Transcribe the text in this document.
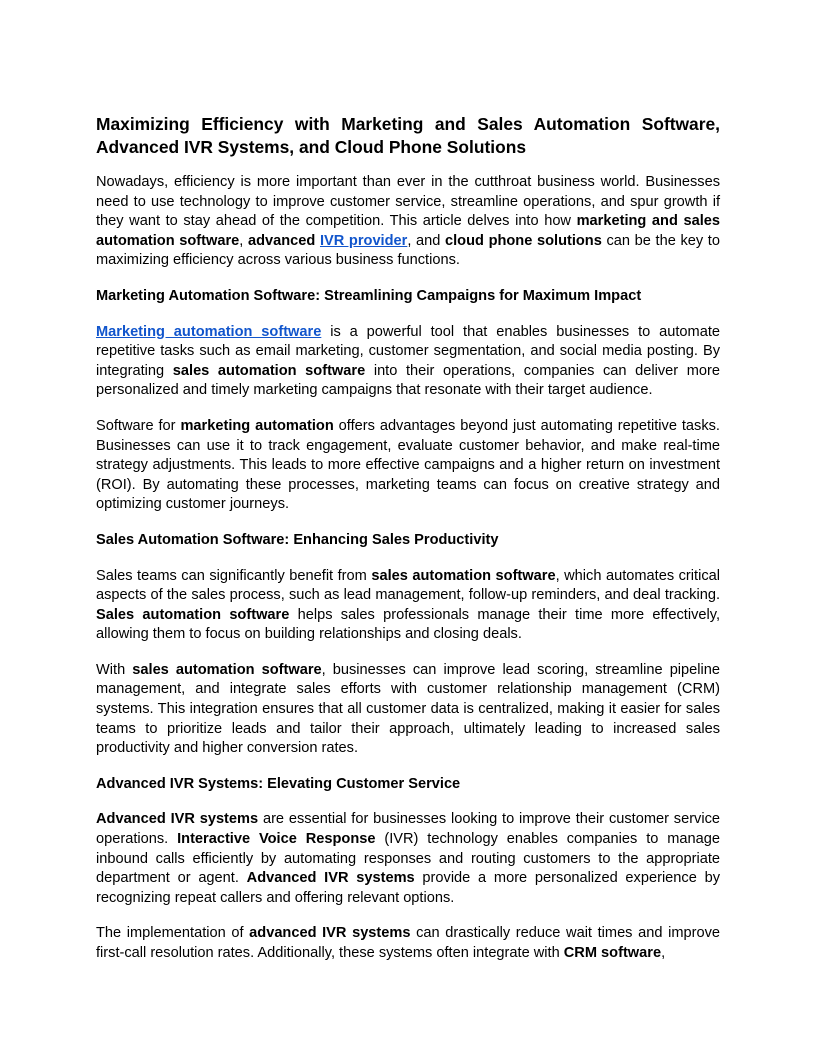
Maximizing Efficiency with Marketing and Sales Automation Software, Advanced IVR Systems, and Cloud Phone Solutions

Nowadays, efficiency is more important than ever in the cutthroat business world. Businesses need to use technology to improve customer service, streamline operations, and spur growth if they want to stay ahead of the competition. This article delves into how marketing and sales automation software, advanced IVR provider, and cloud phone solutions can be the key to maximizing efficiency across various business functions.

Marketing Automation Software: Streamlining Campaigns for Maximum Impact

Marketing automation software is a powerful tool that enables businesses to automate repetitive tasks such as email marketing, customer segmentation, and social media posting. By integrating sales automation software into their operations, companies can deliver more personalized and timely marketing campaigns that resonate with their target audience.

Software for marketing automation offers advantages beyond just automating repetitive tasks. Businesses can use it to track engagement, evaluate customer behavior, and make real-time strategy adjustments. This leads to more effective campaigns and a higher return on investment (ROI). By automating these processes, marketing teams can focus on creative strategy and optimizing customer journeys.

Sales Automation Software: Enhancing Sales Productivity

Sales teams can significantly benefit from sales automation software, which automates critical aspects of the sales process, such as lead management, follow-up reminders, and deal tracking. Sales automation software helps sales professionals manage their time more effectively, allowing them to focus on building relationships and closing deals.

With sales automation software, businesses can improve lead scoring, streamline pipeline management, and integrate sales efforts with customer relationship management (CRM) systems. This integration ensures that all customer data is centralized, making it easier for sales teams to prioritize leads and tailor their approach, ultimately leading to increased sales productivity and higher conversion rates.

Advanced IVR Systems: Elevating Customer Service

Advanced IVR systems are essential for businesses looking to improve their customer service operations. Interactive Voice Response (IVR) technology enables companies to manage inbound calls efficiently by automating responses and routing customers to the appropriate department or agent. Advanced IVR systems provide a more personalized experience by recognizing repeat callers and offering relevant options.

The implementation of advanced IVR systems can drastically reduce wait times and improve first-call resolution rates. Additionally, these systems often integrate with CRM software,
